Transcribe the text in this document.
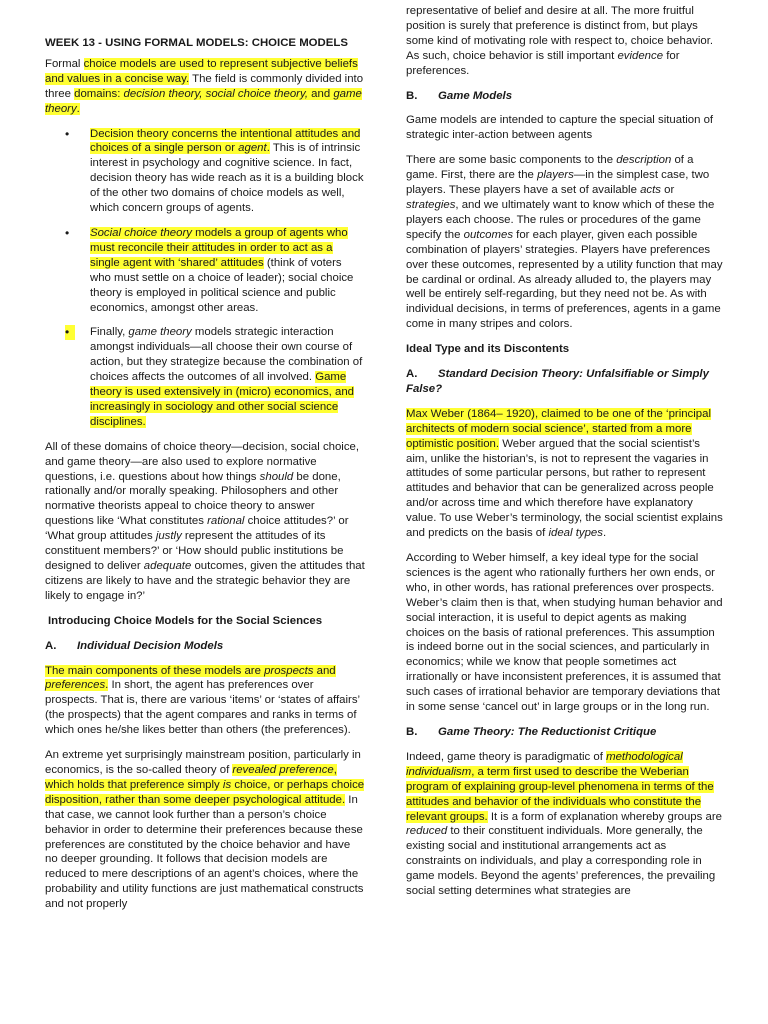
WEEK 13 - USING FORMAL MODELS: CHOICE MODELS

Formal choice models are used to represent subjective beliefs and values in a concise way. The field is commonly divided into three domains: decision theory, social choice theory, and game theory.

• Decision theory concerns the intentional attitudes and choices of a single person or agent. This is of intrinsic interest in psychology and cognitive science. In fact, decision theory has wide reach as it is a building block of the other two domains of choice models as well, which concern groups of agents.
• Social choice theory models a group of agents who must reconcile their attitudes in order to act as a single agent with ‘shared’ attitudes (think of voters who must settle on a choice of leader); social choice theory is employed in political science and public economics, amongst other areas.
•	Finally, game theory models strategic interaction amongst individuals—all choose their own course of action, but they strategize because the combination of choices affects the outcomes of all involved. Game theory is used extensively in (micro) economics, and increasingly in sociology and other social science disciplines.

All of these domains of choice theory—decision, social choice, and game theory—are also used to explore normative questions, i.e. questions about how things should be done, rationally and/or morally speaking. Philosophers and other normative theorists appeal to choice theory to answer questions like ‘What constitutes rational choice attitudes?’ or ‘What group attitudes justly represent the attitudes of its constituent members?’ or ‘How should public institutions be designed to deliver adequate outcomes, given the attitudes that citizens are likely to have and the strategic behavior they are likely to engage in?’

Introducing Choice Models for the Social Sciences
A. Individual Decision Models

The main components of these models are prospects and preferences. In short, the agent has preferences over prospects. That is, there are various ‘items’ or ‘states of affairs’ (the prospects) that the agent compares and ranks in terms of which ones he/she likes better than others (the preferences).

An extreme yet surprisingly mainstream position, particularly in economics, is the so-called theory of revealed preference, which holds that preference simply is choice, or perhaps choice disposition, rather than some deeper psychological attitude. In that case, we cannot look further than a person’s choice behavior in order to determine their preferences because these preferences are constituted by the choice behavior and have no deeper grounding. It follows that decision models are reduced to mere descriptions of an agent’s choices, where the probability and utility functions are just mathematical constructs and not properly

representative of belief and desire at all. The more fruitful position is surely that preference is distinct from, but plays some kind of motivating role with respect to, choice behavior. As such, choice behavior is still important evidence for preferences.

B. Game Models

Game models are intended to capture the special situation of strategic inter-action between agents

There are some basic components to the description of a game. First, there are the players—in the simplest case, two players. These players have a set of available acts or strategies, and we ultimately want to know which of these the players each choose. The rules or procedures of the game specify the outcomes for each player, given each possible combination of players’ strategies. Players have preferences over these outcomes, represented by a utility function that may be cardinal or ordinal. As already alluded to, the players may well be entirely self-regarding, but they need not be. As with individual decisions, in terms of preferences, agents in a game come in many stripes and colors.

Ideal Type and its Discontents
A. Standard Decision Theory: Unfalsifiable or Simply False?

Max Weber (1864– 1920), claimed to be one of the ‘principal architects of modern social science’, started from a more optimistic position. Weber argued that the social scientist’s aim, unlike the historian’s, is not to represent the vagaries in attitudes of some particular persons, but rather to represent attitudes and behavior that can be generalized across people and/or across time and which therefore have explanatory value. To use Weber’s terminology, the social scientist explains and predicts on the basis of ideal types.

According to Weber himself, a key ideal type for the social sciences is the agent who rationally furthers her own ends, or who, in other words, has rational preferences over prospects. Weber’s claim then is that, when studying human behavior and social interaction, it is useful to depict agents as making choices on the basis of rational preferences. This assumption is indeed borne out in the social sciences, and particularly in economics; while we know that people sometimes act irrationally or have inconsistent preferences, it is assumed that such cases of irrational behavior are temporary deviations that in some sense ‘cancel out’ in large groups or in the long run.

B. Game Theory: The Reductionist Critique

Indeed, game theory is paradigmatic of methodological individualism, a term first used to describe the Weberian program of explaining group-level phenomena in terms of the attitudes and behavior of the individuals who constitute the relevant groups. It is a form of explanation whereby groups are reduced to their constituent individuals. More generally, the existing social and institutional arrangements act as constraints on individuals, and play a corresponding role in game models. Beyond the agents’ preferences, the prevailing social setting determines what strategies are
